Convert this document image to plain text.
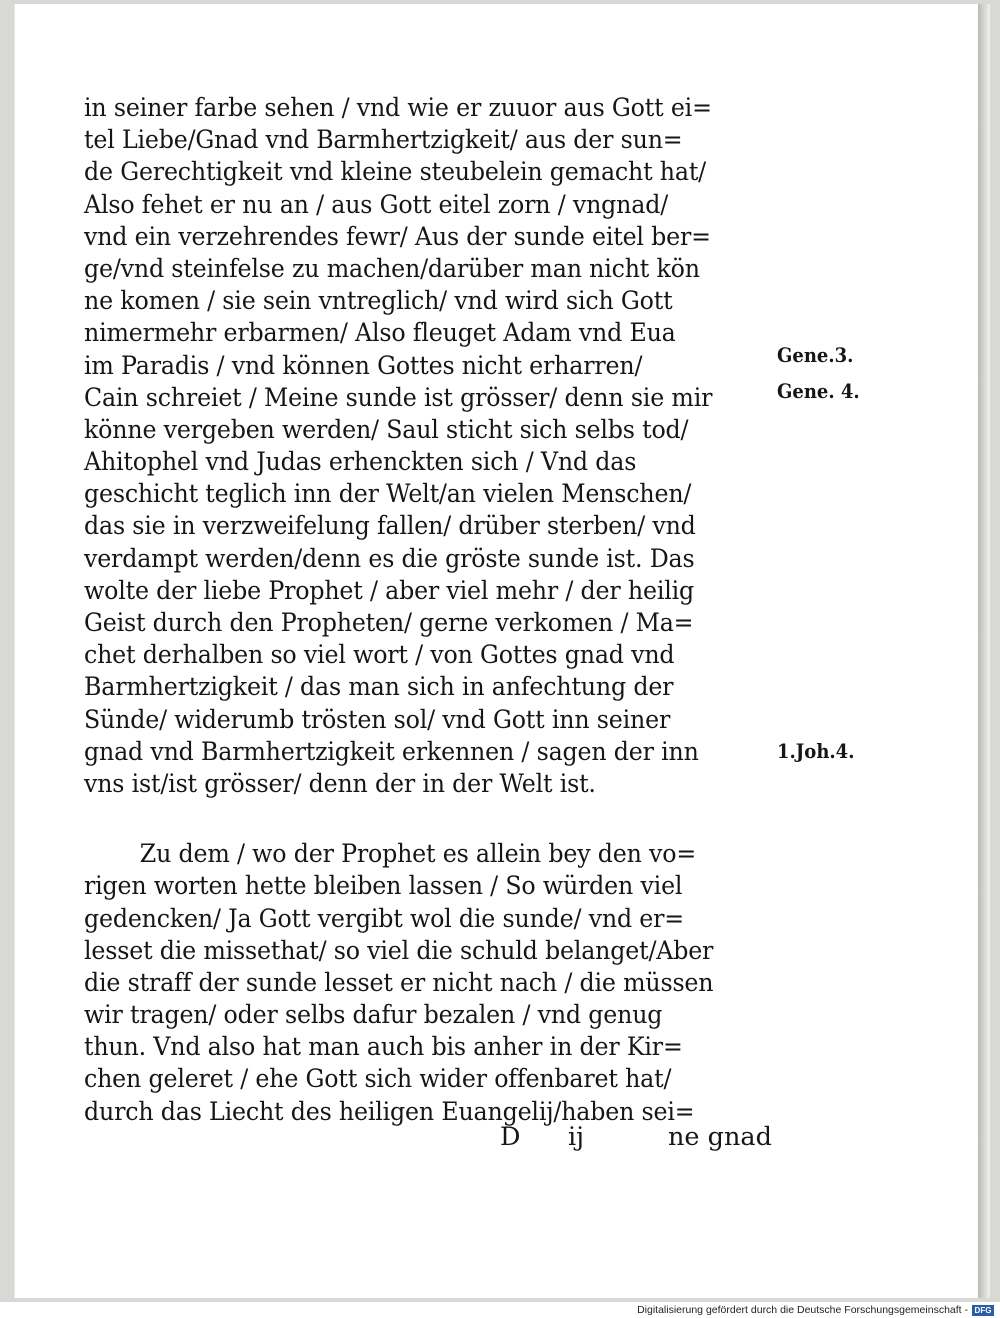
in seiner farbe sehen / vnd wie er zuuor aus Gott ei=
tel Liebe/Gnad vnd Barmhertzigkeit/ aus der sun=
de Gerechtigkeit vnd kleine steubelein gemacht hat/
Also fehet er nu an / aus Gott eitel zorn / vngnad/
vnd ein verzehrendes fewr/ Aus der sunde eitel ber=
ge/vnd steinfelse zu machen/darüber man nicht kön
ne komen / sie sein vntreglich/ vnd wird sich Gott
nimermehr erbarmen/ Also fleuget Adam vnd Eua
im Paradis / vnd können Gottes nicht erharren/
Cain schreiet / Meine sunde ist grösser/ denn sie mir
könne vergeben werden/ Saul sticht sich selbs tod/
Ahitophel vnd Judas erhenckten sich / Vnd das
geschicht teglich inn der Welt/an vielen Menschen/
das sie in verzweifelung fallen/ drüber sterben/ vnd
verdampt werden/denn es die gröste sunde ist. Das
wolte der liebe Prophet / aber viel mehr / der heilig
Geist durch den Propheten/ gerne verkomen / Ma=
chet derhalben so viel wort / von Gottes gnad vnd
Barmhertzigkeit / das man sich in anfechtung der
Sünde/ widerumb trösten sol/ vnd Gott inn seiner
gnad vnd Barmhertzigkeit erkennen / sagen der inn
vns ist/ist grösser/ denn der in der Welt ist.
Zu dem / wo der Prophet es allein bey den vo=
rigen worten hette bleiben lassen / So würden viel
gedencken/ Ja Gott vergibt wol die sunde/ vnd er=
lesset die missethat/ so viel die schuld belanget/Aber
die straff der sunde lesset er nicht nach / die müssen
wir tragen/ oder selbs dafur bezalen / vnd genug
thun. Vnd also hat man auch bis anher in der Kir=
chen geleret / ehe Gott sich wider offenbaret hat/
durch das Liecht des heiligen Euangelij/haben sei=
D ij	ne gnad
Gene.3.
Gene. 4.
1.Joh.4.
Digitalisierung gefördert durch die Deutsche Forschungsgemeinschaft - DFG
